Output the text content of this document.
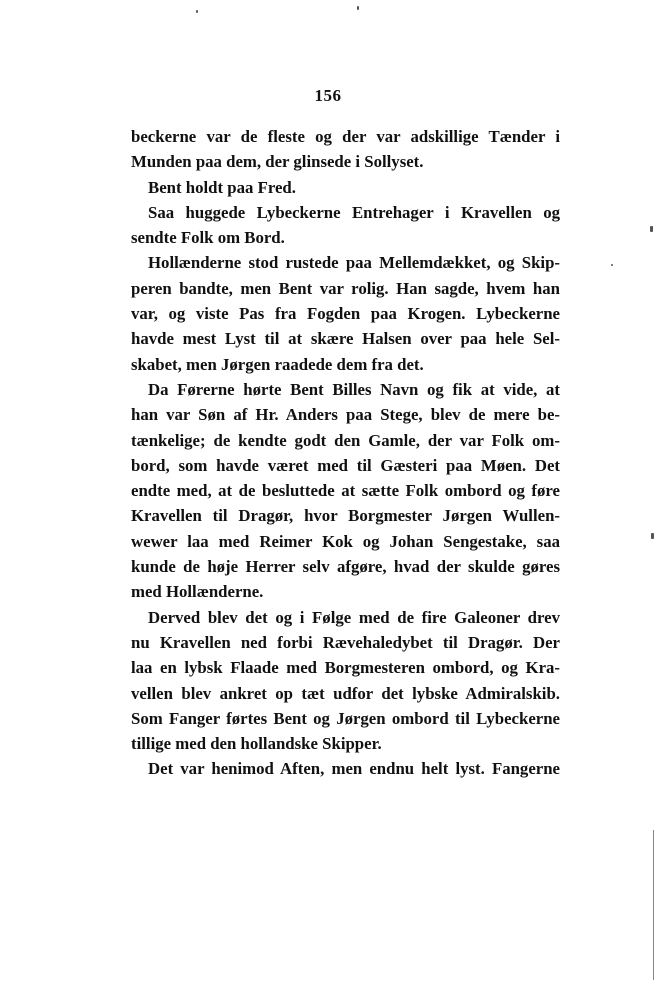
156
beckerne var de fleste og der var adskillige Tænder i
Munden paa dem, der glinsede i Sollyset.
Bent holdt paa Fred.
Saa huggede Lybeckerne Entrehager i Kravellen og
sendte Folk om Bord.
Hollænderne stod rustede paa Mellemdækket, og Skip-
peren bandte, men Bent var rolig. Han sagde, hvem han
var, og viste Pas fra Fogden paa Krogen. Lybeckerne
havde mest Lyst til at skære Halsen over paa hele Sel-
skabet, men Jørgen raadede dem fra det.
Da Førerne hørte Bent Billes Navn og fik at vide, at
han var Søn af Hr. Anders paa Stege, blev de mere be-
tænkelige; de kendte godt den Gamle, der var Folk om-
bord, som havde været med til Gæsteri paa Møen. Det
endte med, at de besluttede at sætte Folk ombord og føre
Kravellen til Dragør, hvor Borgmester Jørgen Wullen-
wewer laa med Reimer Kok og Johan Sengestake, saa
kunde de høje Herrer selv afgøre, hvad der skulde gøres
med Hollænderne.
Derved blev det og i Følge med de fire Galeoner drev
nu Kravellen ned forbi Rævehaledybet til Dragør. Der
laa en lybsk Flaade med Borgmesteren ombord, og Kra-
vellen blev ankret op tæt udfor det lybske Admiralskib.
Som Fanger førtes Bent og Jørgen ombord til Lybeckerne
tillige med den hollandske Skipper.
Det var henimod Aften, men endnu helt lyst. Fangerne
